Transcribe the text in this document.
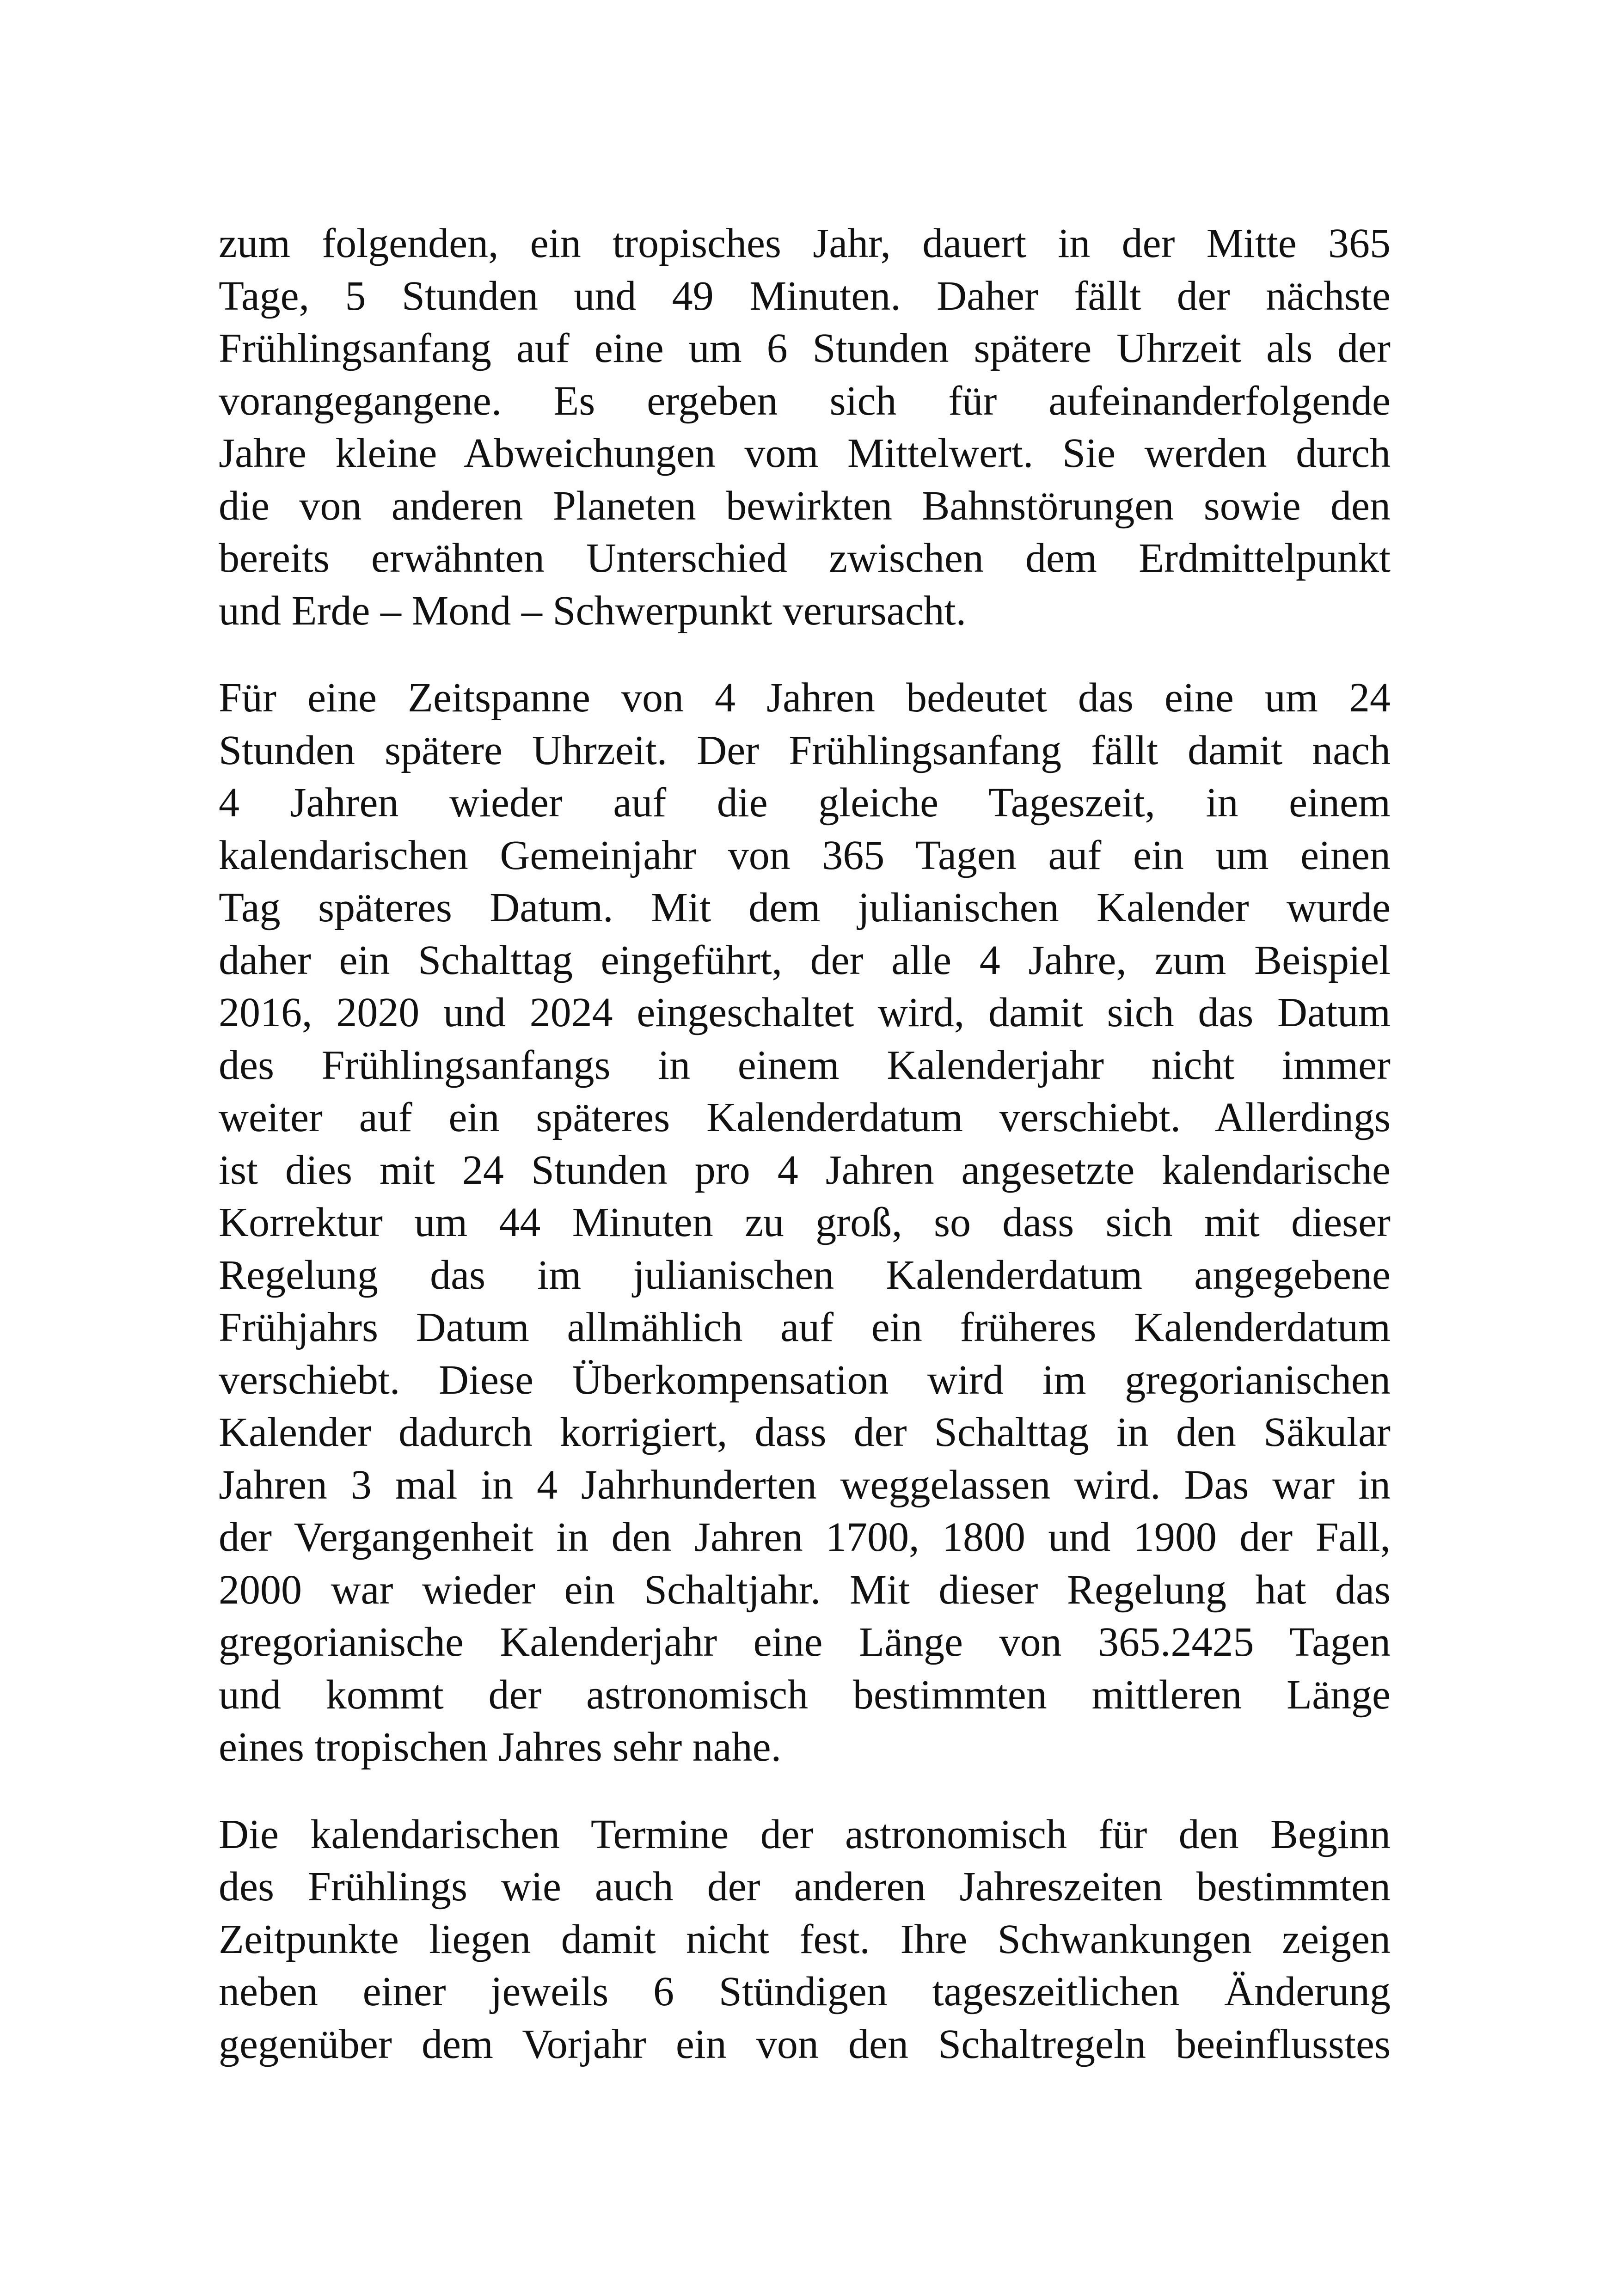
zum folgenden, ein tropisches Jahr, dauert in der Mitte 365
Tage, 5 Stunden und 49 Minuten. Daher fällt der nächste
Frühlingsanfang auf eine um 6 Stunden spätere Uhrzeit als der
vorangegangene. Es ergeben sich für aufeinanderfolgende
Jahre kleine Abweichungen vom Mittelwert. Sie werden durch
die von anderen Planeten bewirkten Bahnstörungen sowie den
bereits erwähnten Unterschied zwischen dem Erdmittelpunkt
und Erde – Mond – Schwerpunkt verursacht.

Für eine Zeitspanne von 4 Jahren bedeutet das eine um 24
Stunden spätere Uhrzeit. Der Frühlingsanfang fällt damit nach
4 Jahren wieder auf die gleiche Tageszeit, in einem
kalendarischen Gemeinjahr von 365 Tagen auf ein um einen
Tag späteres Datum. Mit dem julianischen Kalender wurde
daher ein Schalttag eingeführt, der alle 4 Jahre, zum Beispiel
2016, 2020 und 2024 eingeschaltet wird, damit sich das Datum
des Frühlingsanfangs in einem Kalenderjahr nicht immer
weiter auf ein späteres Kalenderdatum verschiebt. Allerdings
ist dies mit 24 Stunden pro 4 Jahren angesetzte kalendarische
Korrektur um 44 Minuten zu groß, so dass sich mit dieser
Regelung das im julianischen Kalenderdatum angegebene
Frühjahrs Datum allmählich auf ein früheres Kalenderdatum
verschiebt. Diese Überkompensation wird im gregorianischen
Kalender dadurch korrigiert, dass der Schalttag in den Säkular
Jahren 3 mal in 4 Jahrhunderten weggelassen wird. Das war in
der Vergangenheit in den Jahren 1700, 1800 und 1900 der Fall,
2000 war wieder ein Schaltjahr. Mit dieser Regelung hat das
gregorianische Kalenderjahr eine Länge von 365.2425 Tagen
und kommt der astronomisch bestimmten mittleren Länge
eines tropischen Jahres sehr nahe.

Die kalendarischen Termine der astronomisch für den Beginn
des Frühlings wie auch der anderen Jahreszeiten bestimmten
Zeitpunkte liegen damit nicht fest. Ihre Schwankungen zeigen
neben einer jeweils 6 Stündigen tageszeitlichen Änderung
gegenüber dem Vorjahr ein von den Schaltregeln beeinflusstes
